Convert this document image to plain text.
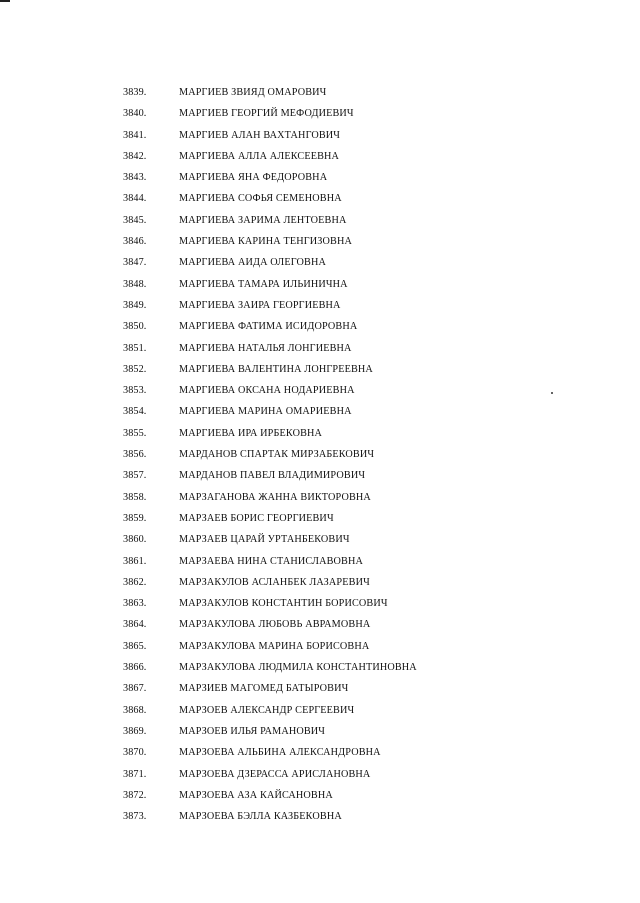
3839.	МАРГИЕВ ЗВИЯД ОМАРОВИЧ
3840.	МАРГИЕВ ГЕОРГИЙ МЕФОДИЕВИЧ
3841.	МАРГИЕВ АЛАН ВАХТАНГОВИЧ
3842.	МАРГИЕВА АЛЛА АЛЕКСЕЕВНА
3843.	МАРГИЕВА ЯНА ФЕДОРОВНА
3844.	МАРГИЕВА СОФЬЯ СЕМЕНОВНА
3845.	МАРГИЕВА ЗАРИМА ЛЕНТОЕВНА
3846.	МАРГИЕВА КАРИНА ТЕНГИЗОВНА
3847.	МАРГИЕВА АИДА ОЛЕГОВНА
3848.	МАРГИЕВА ТАМАРА ИЛЬИНИЧНА
3849.	МАРГИЕВА ЗАИРА ГЕОРГИЕВНА
3850.	МАРГИЕВА ФАТИМА ИСИДОРОВНА
3851.	МАРГИЕВА НАТАЛЬЯ ЛОНГИЕВНА
3852.	МАРГИЕВА ВАЛЕНТИНА ЛОНГРЕЕВНА
3853.	МАРГИЕВА ОКСАНА НОДАРИЕВНА
3854.	МАРГИЕВА МАРИНА ОМАРИЕВНА
3855.	МАРГИЕВА ИРА ИРБЕКОВНА
3856.	МАРДАНОВ СПАРТАК МИРЗАБЕКОВИЧ
3857.	МАРДАНОВ ПАВЕЛ ВЛАДИМИРОВИЧ
3858.	МАРЗАГАНОВА ЖАННА ВИКТОРОВНА
3859.	МАРЗАЕВ БОРИС ГЕОРГИЕВИЧ
3860.	МАРЗАЕВ ЦАРАЙ УРТАНБЕКОВИЧ
3861.	МАРЗАЕВА НИНА СТАНИСЛАВОВНА
3862.	МАРЗАКУЛОВ АСЛАНБЕК ЛАЗАРЕВИЧ
3863.	МАРЗАКУЛОВ КОНСТАНТИН БОРИСОВИЧ
3864.	МАРЗАКУЛОВА ЛЮБОВЬ АВРАМОВНА
3865.	МАРЗАКУЛОВА МАРИНА БОРИСОВНА
3866.	МАРЗАКУЛОВА ЛЮДМИЛА КОНСТАНТИНОВНА
3867.	МАРЗИЕВ МАГОМЕД БАТЫРОВИЧ
3868.	МАРЗОЕВ АЛЕКСАНДР СЕРГЕЕВИЧ
3869.	МАРЗОЕВ ИЛЬЯ РАМАНОВИЧ
3870.	МАРЗОЕВА АЛЬБИНА АЛЕКСАНДРОВНА
3871.	МАРЗОЕВА ДЗЕРАССА АРИСЛАНОВНА
3872.	МАРЗОЕВА АЗА КАЙСАНОВНА
3873.	МАРЗОЕВА БЭЛЛА КАЗБЕКОВНА
